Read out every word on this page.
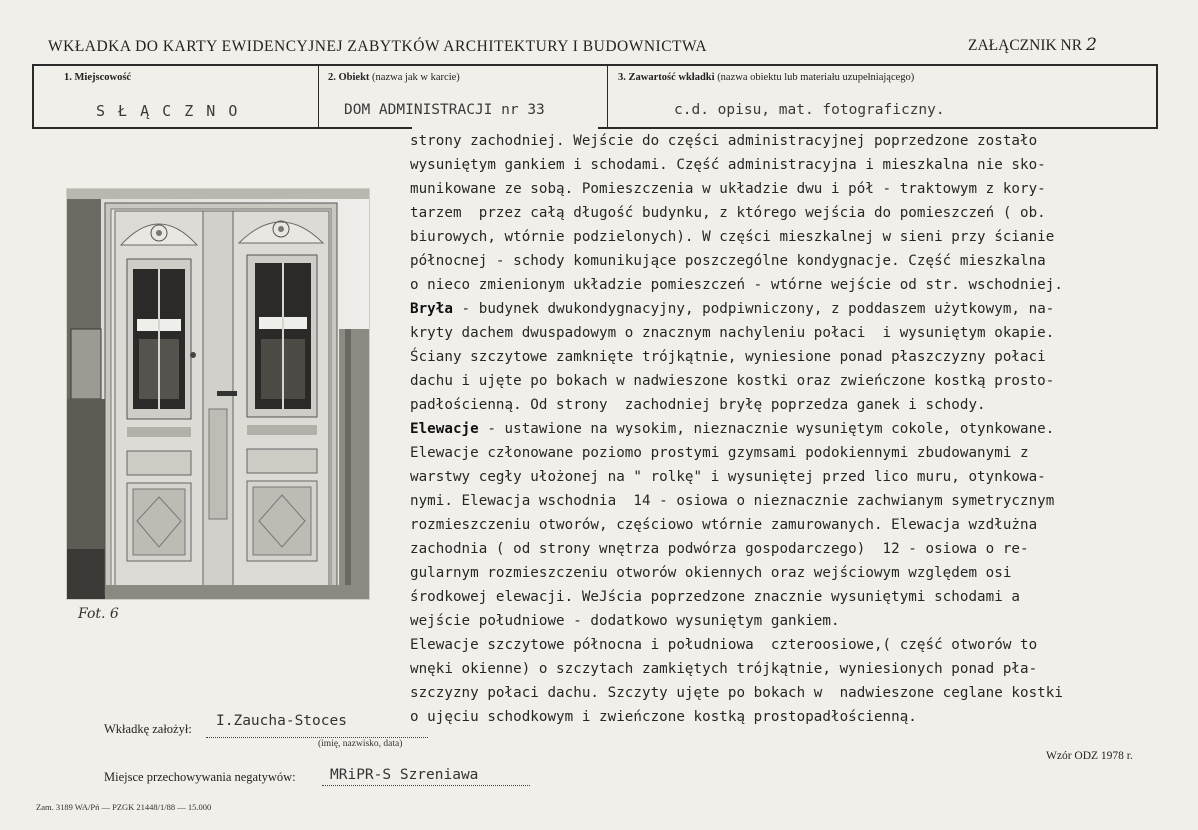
WKŁADKA DO KARTY EWIDENCYJNEJ ZABYTKÓW ARCHITEKTURY I BUDOWNICTWA	ZAŁĄCZNIK NR 2
1. Miejscowość	2. Obiekt (nazwa jak w karcie)	3. Zawartość wkładki (nazwa obiektu lub materiału uzupełniającego)
S Ł Ą C Z N O	DOM ADMINISTRACJI nr 33	c.d. opisu, mat. fotograficzny.
Fot. 6
strony zachodniej. Wejście do części administracyjnej poprzedzone zostało
wysuniętym gankiem i schodami. Część administracyjna i mieszkalna nie sko-
munikowane ze sobą. Pomieszczenia w układzie dwu i pół - traktowym z kory-
tarzem  przez całą długość budynku, z którego wejścia do pomieszczeń ( ob.
biurowych, wtórnie podzielonych). W części mieszkalnej w sieni przy ścianie
północnej - schody komunikujące poszczególne kondygnacje. Część mieszkalna
o nieco zmienionym układzie pomieszczeń - wtórne wejście od str. wschodniej.
Bryła - budynek dwukondygnacyjny, podpiwniczony, z poddaszem użytkowym, na-
kryty dachem dwuspadowym o znacznym nachyleniu połaci  i wysuniętym okapie.
Ściany szczytowe zamknięte trójkątnie, wyniesione ponad płaszczyzny połaci
dachu i ujęte po bokach w nadwieszone kostki oraz zwieńczone kostką prosto-
padłościenną. Od strony  zachodniej bryłę poprzedza ganek i schody.
Elewacje - ustawione na wysokim, nieznacznie wysuniętym cokole, otynkowane.
Elewacje członowane poziomo prostymi gzymsami podokiennymi zbudowanymi z
warstwy cegły ułożonej na " rolkę" i wysuniętej przed lico muru, otynkowa-
nymi. Elewacja wschodnia  14 - osiowa o nieznacznie zachwianym symetrycznym
rozmieszczeniu otworów, częściowo wtórnie zamurowanych. Elewacja wzdłużna
zachodnia ( od strony wnętrza podwórza gospodarczego)  12 - osiowa o re-
gularnym rozmieszczeniu otworów okiennych oraz wejściowym względem osi
środkowej elewacji. WeJścia poprzedzone znacznie wysuniętymi schodami a
wejście południowe - dodatkowo wysuniętym gankiem.
Elewacje szczytowe północna i południowa  czteroosiowe,( część otworów to
wnęki okienne) o szczytach zamkiętych trójkątnie, wyniesionych ponad pła-
szczyzny połaci dachu. Szczyty ujęte po bokach w  nadwieszone ceglane kostki
o ujęciu schodkowym i zwieńczone kostką prostopadłościenną.
Wkładkę założył: I.Zaucha-Stoces
(imię, nazwisko, data)
Wzór ODZ 1978 r.
Miejsce przechowywania negatywów: MRiPR-S Szreniawa
Zam. 3189 WA/Pń — PZGK 21448/1/88 — 15.000
